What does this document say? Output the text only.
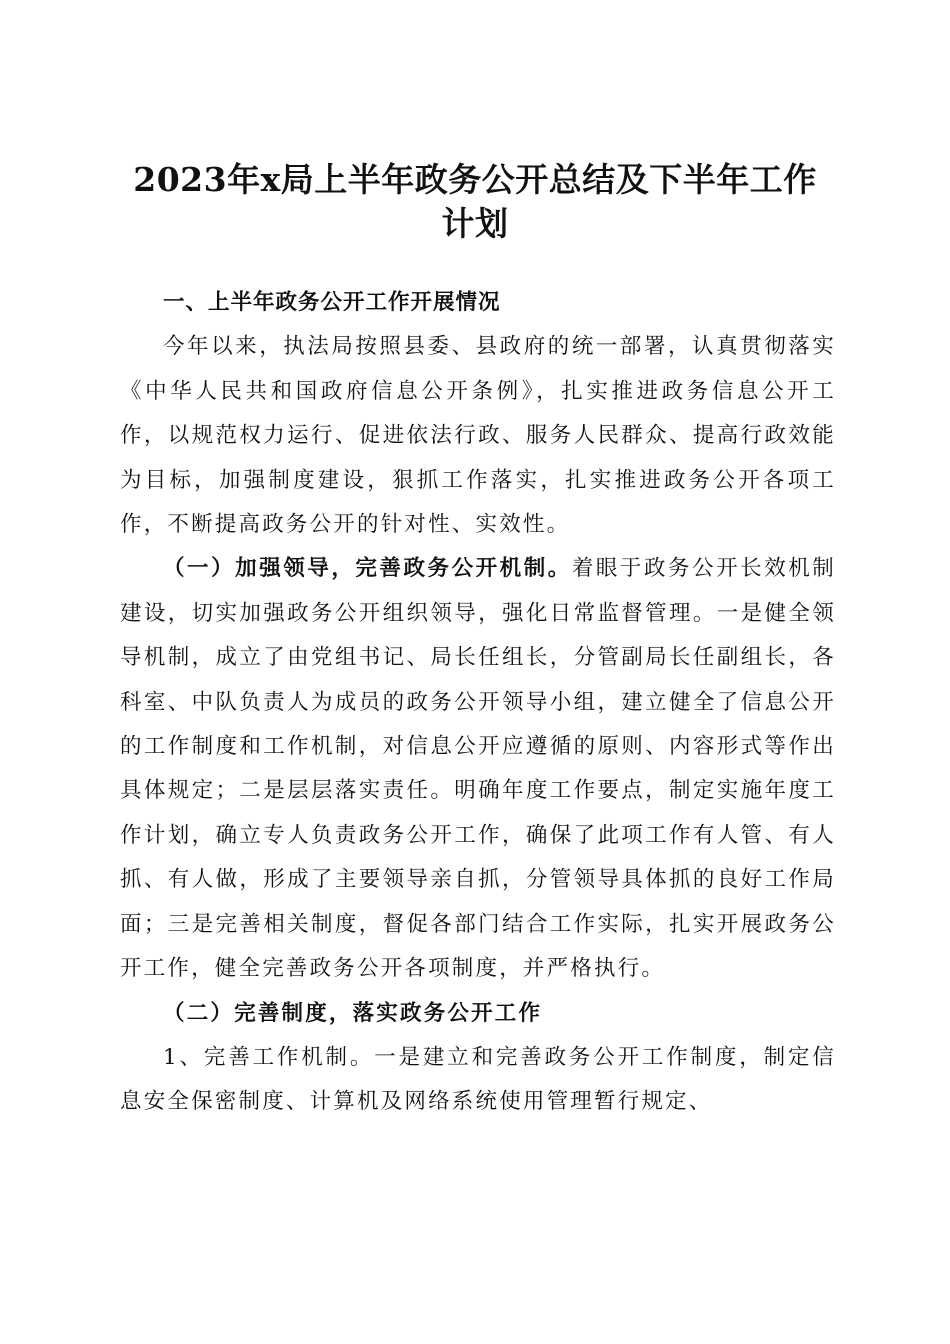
2023年x局上半年政务公开总结及下半年工作
计划

一、上半年政务公开工作开展情况

今年以来，执法局按照县委、县政府的统一部署，认真贯彻落实《中华人民共和国政府信息公开条例》，扎实推进政务信息公开工作，以规范权力运行、促进依法行政、服务人民群众、提高行政效能为目标，加强制度建设，狠抓工作落实，扎实推进政务公开各项工作，不断提高政务公开的针对性、实效性。

（一）加强领导，完善政务公开机制。着眼于政务公开长效机制建设，切实加强政务公开组织领导，强化日常监督管理。一是健全领导机制，成立了由党组书记、局长任组长，分管副局长任副组长，各科室、中队负责人为成员的政务公开领导小组，建立健全了信息公开的工作制度和工作机制，对信息公开应遵循的原则、内容形式等作出具体规定；二是层层落实责任。明确年度工作要点，制定实施年度工作计划，确立专人负责政务公开工作，确保了此项工作有人管、有人抓、有人做，形成了主要领导亲自抓，分管领导具体抓的良好工作局面；三是完善相关制度，督促各部门结合工作实际，扎实开展政务公开工作，健全完善政务公开各项制度，并严格执行。

（二）完善制度，落实政务公开工作

1、完善工作机制。一是建立和完善政务公开工作制度，制定信息安全保密制度、计算机及网络系统使用管理暂行规定、
